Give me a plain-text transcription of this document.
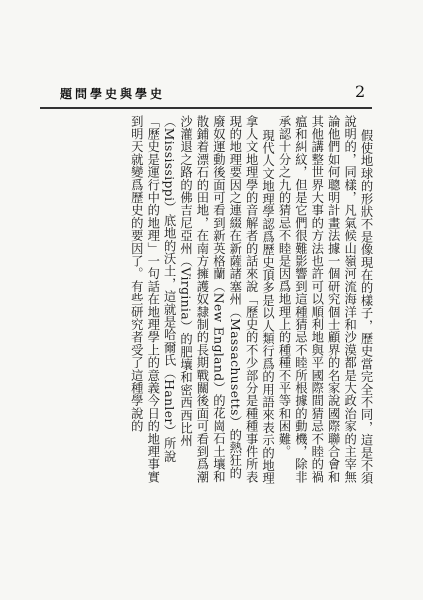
題問學史與學史	2

假使地球的形狀不是像現在的樣子，歷史當完全不同，這是不須說明的，同樣，凡氣候山嶺河流海洋和沙漠都是大政治家的主宰無論他們如何聰明計畫法據一個研究個士顧界的名家說國際聯合會和其他講整世界大事的方法也許可以順利地與平國際間猜忌不睦的禍瘟和糾紋，但是它們很難影響到這種猜忌不睦所根據的動機，除非承認十分之九的猜忌不睦是因爲地理上的種種不平等和困難。

現代人文地理學認爲歷史頂多是以人類行爲的用語來表示的地理拿人文地理學的音解者的話來說「歷史的不少部分是種種事件所表現的地理要因之連綴在新薩諸塞州（Massachusetts）的熱狂的廢奴運動後面可看到新英格蘭（New England）的花崗石土壤和散鋪着漂石的田地，在南方擁護奴隸制的長期戰關後面可看到爲潮沙灌退之路的佛吉尼亞州（Virginia）的肥壤和密西西比州（Mississippi）底地的沃土，這就是哈爾氏（Hanler）所說「歷史是運行中的地理」一句話在地理學上的意義今日的地理事實到明天就變爲歷史的要因了。有些研究者受了這種學說的
